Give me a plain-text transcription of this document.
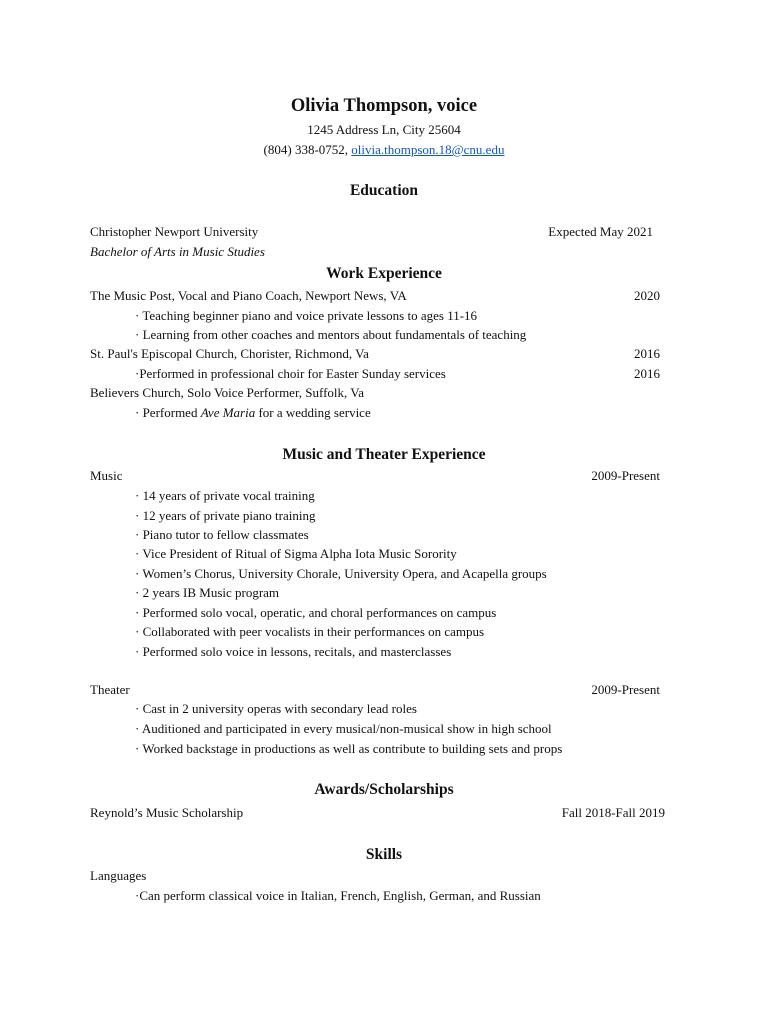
Olivia Thompson, voice
1245 Address Ln, City 25604
(804) 338-0752, olivia.thompson.18@cnu.edu
Education
Christopher Newport University	Expected May 2021
Bachelor of Arts in Music Studies
Work Experience
The Music Post, Vocal and Piano Coach, Newport News, VA	2020
· Teaching beginner piano and voice private lessons to ages 11-16
· Learning from other coaches and mentors about fundamentals of teaching
St. Paul's Episcopal Church, Chorister, Richmond, Va	2016
·Performed in professional choir for Easter Sunday services	2016
Believers Church, Solo Voice Performer, Suffolk, Va
· Performed Ave Maria for a wedding service
Music and Theater Experience
Music	2009-Present
· 14 years of private vocal training
· 12 years of private piano training
· Piano tutor to fellow classmates
· Vice President of Ritual of Sigma Alpha Iota Music Sorority
· Women’s Chorus, University Chorale, University Opera, and Acapella groups
· 2 years IB Music program
· Performed solo vocal, operatic, and choral performances on campus
· Collaborated with peer vocalists in their performances on campus
· Performed solo voice in lessons, recitals, and masterclasses
Theater	2009-Present
· Cast in 2 university operas with secondary lead roles
· Auditioned and participated in every musical/non-musical show in high school
· Worked backstage in productions as well as contribute to building sets and props
Awards/Scholarships
Reynold’s Music Scholarship	Fall 2018-Fall 2019
Skills
Languages
·Can perform classical voice in Italian, French, English, German, and Russian
